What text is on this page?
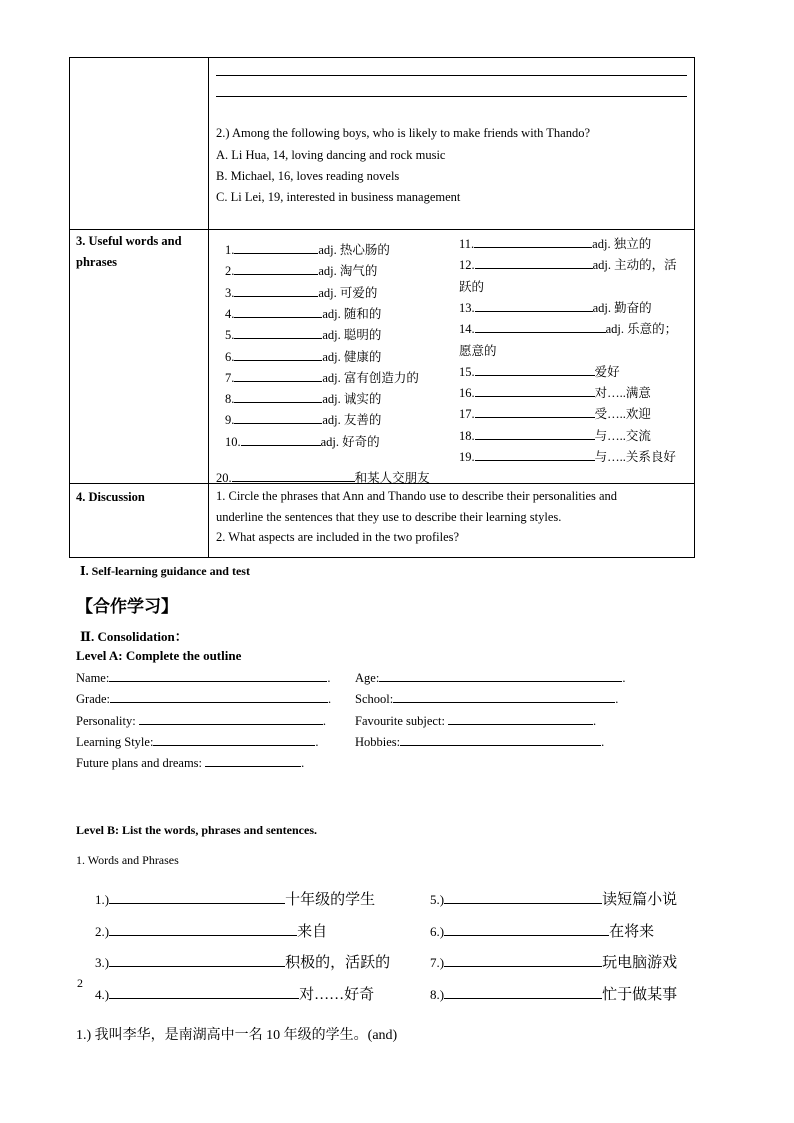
2.) Among the following boys, who is likely to make friends with Thando?
A. Li Hua, 14, loving dancing and rock music
B. Michael, 16, loves reading novels
C. Li Lei, 19, interested in business management
3. Useful words and
phrases
1.	adj. 热心肠的
2.	adj. 淘气的
3.	adj. 可爱的
4.	adj. 随和的
5.	adj. 聪明的
6.	adj. 健康的
7.	adj. 富有创造力的
8.	adj. 诚实的
9.	adj. 友善的
10.	adj. 好奇的
11.	adj. 独立的
12.	adj. 主动的，活
跃的
13.	adj. 勤奋的
14.	adj. 乐意的；
愿意的
15.	爱好
16.	对…..满意
17.	受…..欢迎
18.	与…..交流
19.	与…..关系良好
20.	和某人交朋友
4. Discussion	1. Circle the phrases that Ann and Thando use to describe their personalities and
underline the sentences that they use to describe their learning styles.
2. What aspects are included in the two profiles?
Ⅰ. Self-learning guidance and test
【合作学习】
Ⅱ. Consolidation：
Level A: Complete the outline
Name:	. Age:	.
Grade:	. School:	.
Personality:	. Favourite subject:	.
Learning Style:	.	Hobbies:	.
Future plans and dreams:	.
Level B: List the words, phrases and sentences.
1. Words and Phrases
1.)	十年级的学生
2.)	来自
3.)	积极的，活跃的
4.)	对……好奇
5.)	读短篇小说
6.)	在将来
7.)	玩电脑游戏
8.)	忙于做某事
2
1.) 我叫李华，是南湖高中一名 10 年级的学生。(and)
